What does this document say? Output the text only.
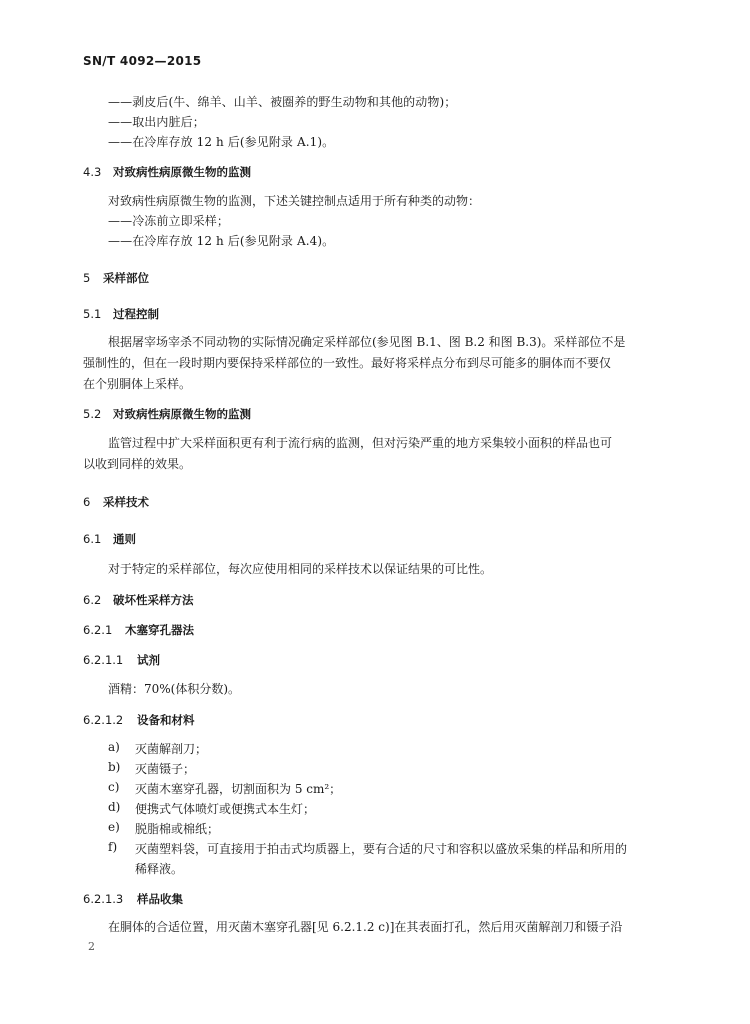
SN/T 4092—2015
——剥皮后(牛、绵羊、山羊、被圈养的野生动物和其他的动物)；
——取出内脏后；
——在冷库存放 12 h 后(参见附录 A.1)。
4.3 对致病性病原微生物的监测
对致病性病原微生物的监测，下述关键控制点适用于所有种类的动物：
——冷冻前立即采样；
——在冷库存放 12 h 后(参见附录 A.4)。
5 采样部位
5.1 过程控制
根据屠宰场宰杀不同动物的实际情况确定采样部位(参见图 B.1、图 B.2 和图 B.3)。采样部位不是
强制性的，但在一段时期内要保持采样部位的一致性。最好将采样点分布到尽可能多的胴体而不要仅
在个别胴体上采样。
5.2 对致病性病原微生物的监测
监管过程中扩大采样面积更有利于流行病的监测，但对污染严重的地方采集较小面积的样品也可
以收到同样的效果。
6 采样技术
6.1 通则
对于特定的采样部位，每次应使用相同的采样技术以保证结果的可比性。
6.2 破坏性采样方法
6.2.1 木塞穿孔器法
6.2.1.1 试剂
酒精：70%(体积分数)。
6.2.1.2 设备和材料
a) 灭菌解剖刀；
b) 灭菌镊子；
c) 灭菌木塞穿孔器，切割面积为 5 cm²；
d) 便携式气体喷灯或便携式本生灯；
e) 脱脂棉或棉纸；
f) 灭菌塑料袋，可直接用于拍击式均质器上，要有合适的尺寸和容积以盛放采集的样品和所用的
稀释液。
6.2.1.3 样品收集
在胴体的合适位置，用灭菌木塞穿孔器[见 6.2.1.2 c)]在其表面打孔，然后用灭菌解剖刀和镊子沿
2
